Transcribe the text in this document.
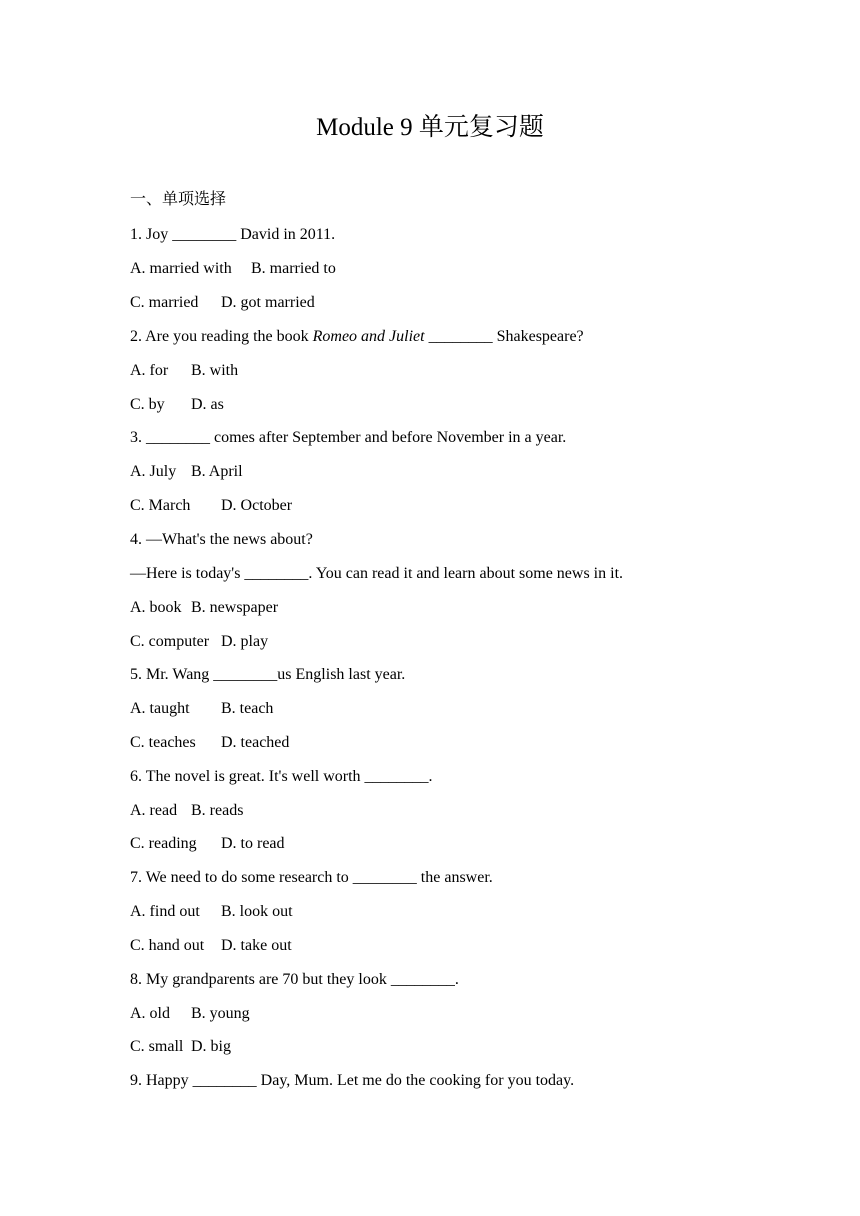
Module 9 单元复习题
一、单项选择
1. Joy ________ David in 2011.
A. married with B. married to
C. married D. got married
2. Are you reading the book Romeo and Juliet ________ Shakespeare?
A. for B. with
C. by D. as
3. ________ comes after September and before November in a year.
A. July B. April
C. March D. October
4. —What's the news about?
—Here is today's ________. You can read it and learn about some news in it.
A. book B. newspaper
C. computer D. play
5. Mr. Wang ________us English last year.
A. taught B. teach
C. teaches D. teached
6. The novel is great. It's well worth ________.
A. read B. reads
C. reading D. to read
7. We need to do some research to ________ the answer.
A. find out B. look out
C. hand out D. take out
8. My grandparents are 70 but they look ________.
A. old B. young
C. small D. big
9. Happy ________ Day, Mum. Let me do the cooking for you today.
